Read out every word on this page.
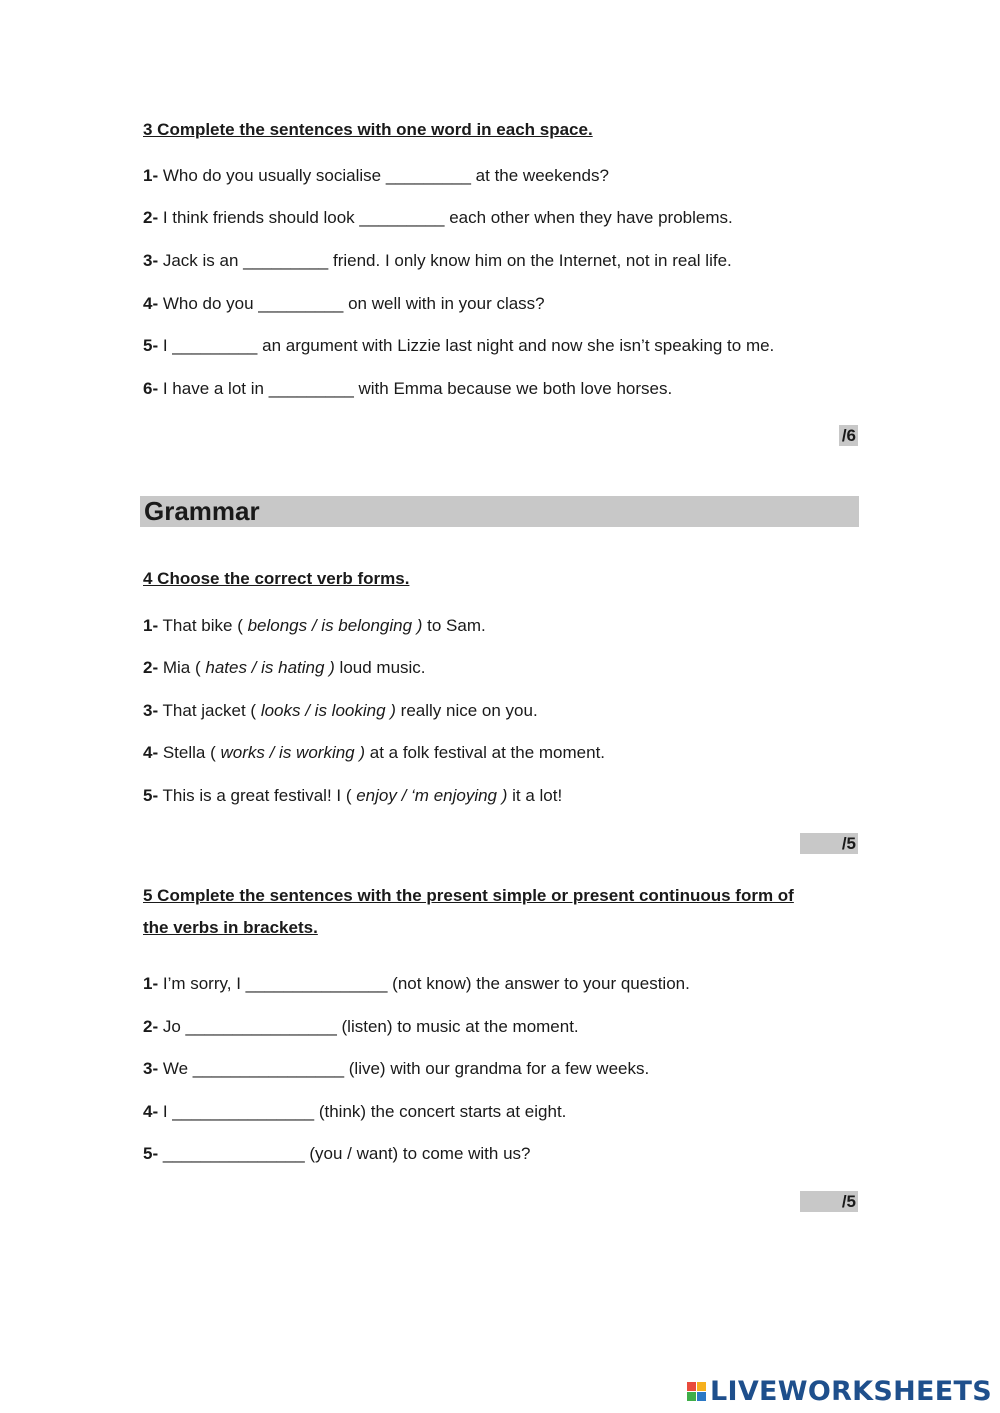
3 Complete the sentences with one word in each space.
1- Who do you usually socialise _________ at the weekends?
2- I think friends should look _________ each other when they have problems.
3- Jack is an _________ friend. I only know him on the Internet, not in real life.
4- Who do you _________ on well with in your class?
5- I _________ an argument with Lizzie last night and now she isn’t speaking to me.
6- I have a lot in _________ with Emma because we both love horses.
/6
Grammar
4 Choose the correct verb forms.
1- That bike ( belongs / is belonging ) to Sam.
2- Mia ( hates / is hating ) loud music.
3- That jacket ( looks / is looking ) really nice on you.
4- Stella ( works / is working ) at a folk festival at the moment.
5- This is a great festival! I ( enjoy / ‘m enjoying ) it a lot!
/5
5 Complete the sentences with the present simple or present continuous form of
the verbs in brackets.
1- I’m sorry, I _______________ (not know) the answer to your question.
2- Jo ________________ (listen) to music at the moment.
3- We ________________ (live) with our grandma for a few weeks.
4- I _______________ (think) the concert starts at eight.
5- _______________ (you / want) to come with us?
/5
LIVEWORKSHEETS
